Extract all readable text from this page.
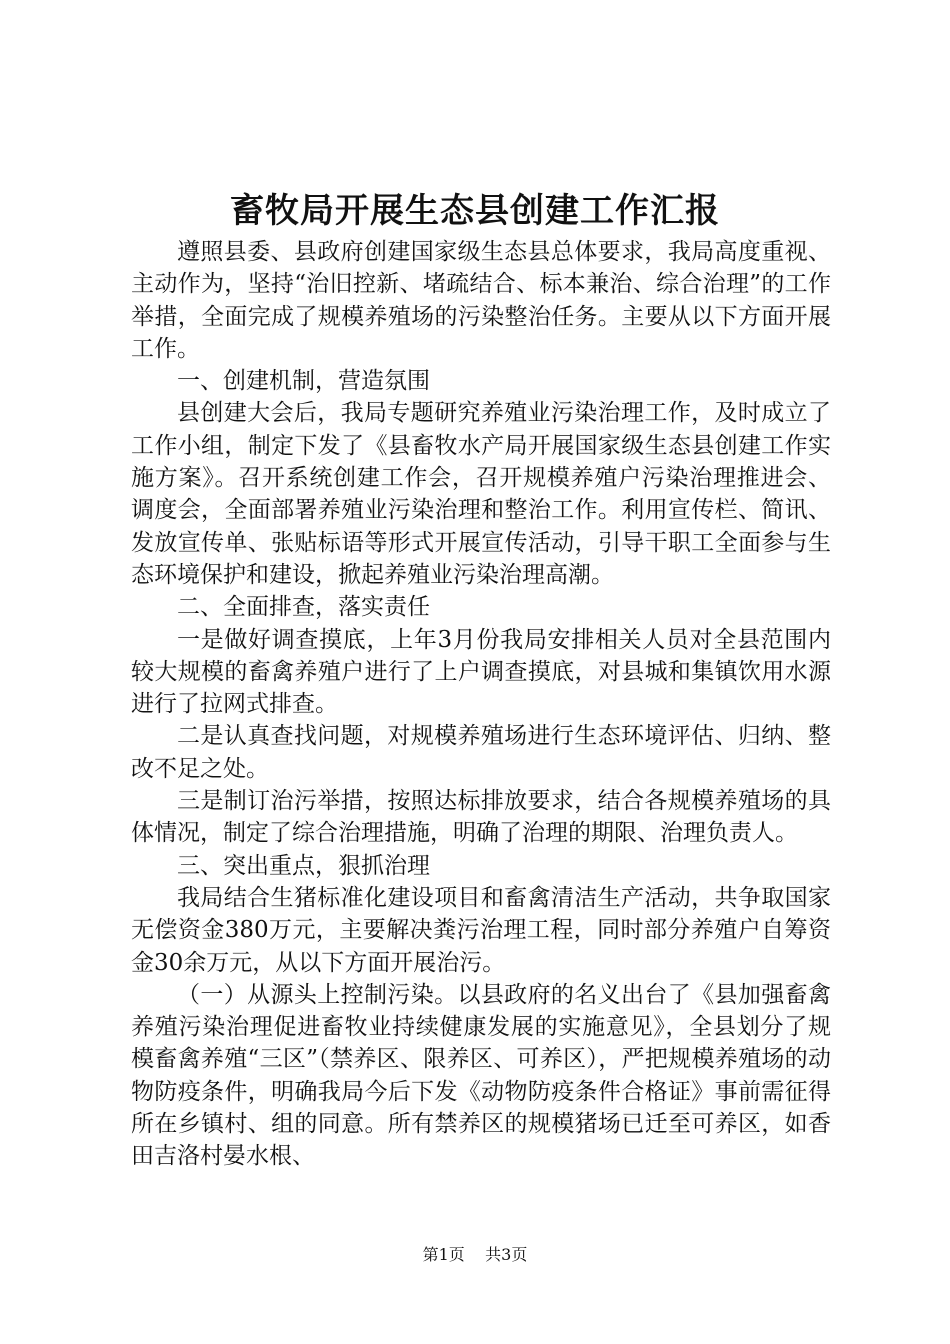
畜牧局开展生态县创建工作汇报

遵照县委、县政府创建国家级生态县总体要求，我局高度重视、主动作为，坚持“治旧控新、堵疏结合、标本兼治、综合治理”的工作举措，全面完成了规模养殖场的污染整治任务。主要从以下方面开展工作。

一、创建机制，营造氛围

县创建大会后，我局专题研究养殖业污染治理工作，及时成立了工作小组，制定下发了《县畜牧水产局开展国家级生态县创建工作实施方案》。召开系统创建工作会，召开规模养殖户污染治理推进会、调度会，全面部署养殖业污染治理和整治工作。利用宣传栏、简讯、发放宣传单、张贴标语等形式开展宣传活动，引导干职工全面参与生态环境保护和建设，掀起养殖业污染治理高潮。

二、全面排查，落实责任

一是做好调查摸底，上年3月份我局安排相关人员对全县范围内较大规模的畜禽养殖户进行了上户调查摸底，对县城和集镇饮用水源进行了拉网式排查。

二是认真查找问题，对规模养殖场进行生态环境评估、归纳、整改不足之处。

三是制订治污举措，按照达标排放要求，结合各规模养殖场的具体情况，制定了综合治理措施，明确了治理的期限、治理负责人。

三、突出重点，狠抓治理

我局结合生猪标准化建设项目和畜禽清洁生产活动，共争取国家无偿资金380万元，主要解决粪污治理工程，同时部分养殖户自筹资金30余万元，从以下方面开展治污。

（一）从源头上控制污染。以县政府的名义出台了《县加强畜禽养殖污染治理促进畜牧业持续健康发展的实施意见》，全县划分了规模畜禽养殖“三区”（禁养区、限养区、可养区），严把规模养殖场的动物防疫条件，明确我局今后下发《动物防疫条件合格证》事前需征得所在乡镇村、组的同意。所有禁养区的规模猪场已迁至可养区，如香田吉洛村晏水根、

第1页 共3页
